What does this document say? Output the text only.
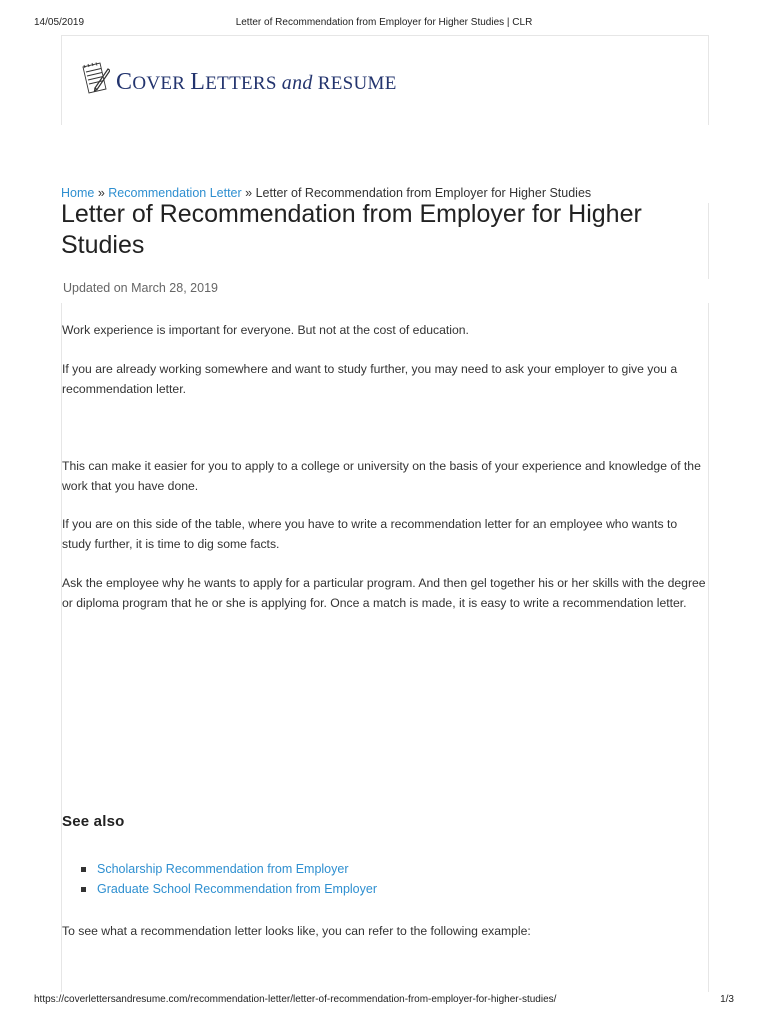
14/05/2019	Letter of Recommendation from Employer for Higher Studies | CLR
COVER LETTERS and RESUME
Home » Recommendation Letter » Letter of Recommendation from Employer for Higher Studies
Letter of Recommendation from Employer for Higher Studies
Updated on March 28, 2019

Work experience is important for everyone. But not at the cost of education.

If you are already working somewhere and want to study further, you may need to ask your employer to give you a recommendation letter.

This can make it easier for you to apply to a college or university on the basis of your experience and knowledge of the work that you have done.

If you are on this side of the table, where you have to write a recommendation letter for an employee who wants to study further, it is time to dig some facts.

Ask the employee why he wants to apply for a particular program. And then gel together his or her skills with the degree or diploma program that he or she is applying for. Once a match is made, it is easy to write a recommendation letter.

See also
Scholarship Recommendation from Employer
Graduate School Recommendation from Employer

To see what a recommendation letter looks like, you can refer to the following example:

https://coverlettersandresume.com/recommendation-letter/letter-of-recommendation-from-employer-for-higher-studies/	1/3
